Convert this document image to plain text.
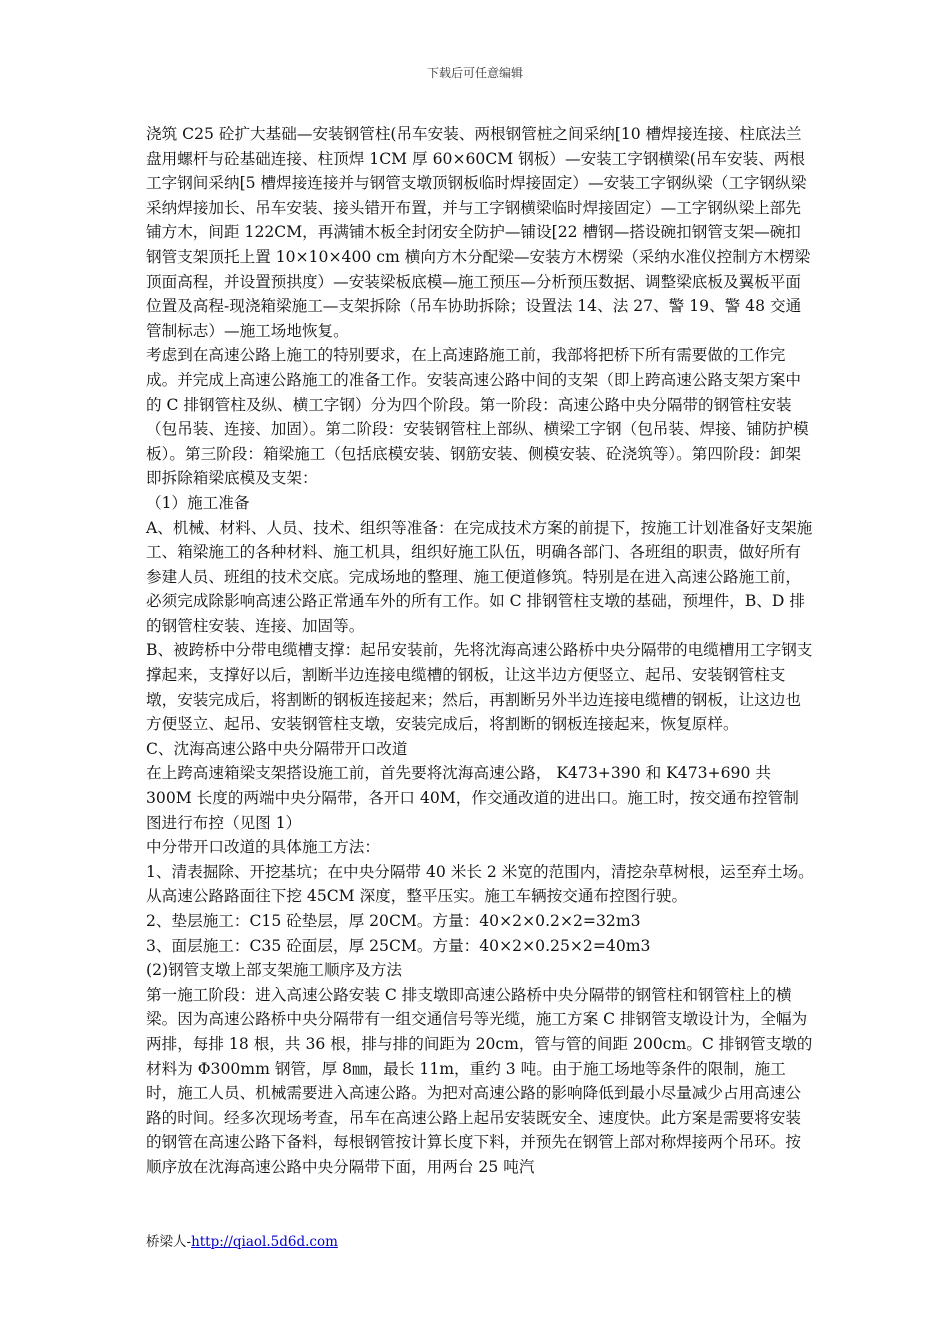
下载后可任意编辑

浇筑 C25 砼扩大基础—安装钢管柱(吊车安装、两根钢管桩之间采纳[10 槽焊接连接、柱底法兰盘用螺杆与砼基础连接、柱顶焊 1CM 厚 60×60CM 钢板）—安装工字钢横梁(吊车安装、两根工字钢间采纳[5 槽焊接连接并与钢管支墩顶钢板临时焊接固定）—安装工字钢纵梁（工字钢纵梁采纳焊接加长、吊车安装、接头错开布置，并与工字钢横梁临时焊接固定）—工字钢纵梁上部先铺方木，间距 122CM，再满铺木板全封闭安全防护—铺设[22 槽钢—搭设碗扣钢管支架—碗扣钢管支架顶托上置 10×10×400 cm 横向方木分配梁—安装方木楞梁（采纳水准仪控制方木楞梁顶面高程，并设置预拱度）—安装梁板底模—施工预压—分析预压数据、调整梁底板及翼板平面位置及高程-现浇箱梁施工—支架拆除（吊车协助拆除；设置法 14、法 27、警 19、警 48 交通管制标志）—施工场地恢复。

考虑到在高速公路上施工的特别要求，在上高速路施工前，我部将把桥下所有需要做的工作完成。并完成上高速公路施工的准备工作。安装高速公路中间的支架（即上跨高速公路支架方案中的 C 排钢管柱及纵、横工字钢）分为四个阶段。第一阶段：高速公路中央分隔带的钢管柱安装（包吊装、连接、加固）。第二阶段：安装钢管柱上部纵、横梁工字钢（包吊装、焊接、铺防护模板）。第三阶段：箱梁施工（包括底模安装、钢筋安装、侧模安装、砼浇筑等）。第四阶段：卸架即拆除箱梁底模及支架：

（1）施工准备

A、机械、材料、人员、技术、组织等准备：在完成技术方案的前提下，按施工计划准备好支架施工、箱梁施工的各种材料、施工机具，组织好施工队伍，明确各部门、各班组的职责，做好所有参建人员、班组的技术交底。完成场地的整理、施工便道修筑。特别是在进入高速公路施工前，必须完成除影响高速公路正常通车外的所有工作。如 C 排钢管柱支墩的基础，预埋件，B、D 排的钢管柱安装、连接、加固等。

B、被跨桥中分带电缆槽支撑：起吊安装前，先将沈海高速公路桥中央分隔带的电缆槽用工字钢支撑起来，支撑好以后，割断半边连接电缆槽的钢板，让这半边方便竖立、起吊、安装钢管柱支墩，安装完成后，将割断的钢板连接起来；然后，再割断另外半边连接电缆槽的钢板，让这边也方便竖立、起吊、安装钢管柱支墩，安装完成后，将割断的钢板连接起来，恢复原样。

C、沈海高速公路中央分隔带开口改道

在上跨高速箱梁支架搭设施工前，首先要将沈海高速公路， K473+390 和 K473+690 共 300M 长度的两端中央分隔带，各开口 40M，作交通改道的进出口。施工时，按交通布控管制图进行布控（见图 1）

中分带开口改道的具体施工方法：

1、清表掘除、开挖基坑；在中央分隔带 40 米长 2 米宽的范围内，清挖杂草树根，运至弃土场。从高速公路路面往下挖 45CM 深度，整平压实。施工车辆按交通布控图行驶。

2、垫层施工：C15 砼垫层，厚 20CM。方量：40×2×0.2×2=32m3

3、面层施工：C35 砼面层，厚 25CM。方量：40×2×0.25×2=40m3

(2)钢管支墩上部支架施工顺序及方法

第一施工阶段：进入高速公路安装 C 排支墩即高速公路桥中央分隔带的钢管柱和钢管柱上的横梁。因为高速公路桥中央分隔带有一组交通信号等光缆，施工方案 C 排钢管支墩设计为，全幅为两排，每排 18 根，共 36 根，排与排的间距为 20cm，管与管的间距 200cm。C 排钢管支墩的材料为 Φ300mm 钢管，厚 8㎜，最长 11m，重约 3 吨。由于施工场地等条件的限制，施工时，施工人员、机械需要进入高速公路。为把对高速公路的影响降低到最小尽量减少占用高速公路的时间。经多次现场考查，吊车在高速公路上起吊安装既安全、速度快。此方案是需要将安装的钢管在高速公路下备料，每根钢管按计算长度下料，并预先在钢管上部对称焊接两个吊环。按顺序放在沈海高速公路中央分隔带下面，用两台 25 吨汽

桥梁人-http://qiaol.5d6d.com
